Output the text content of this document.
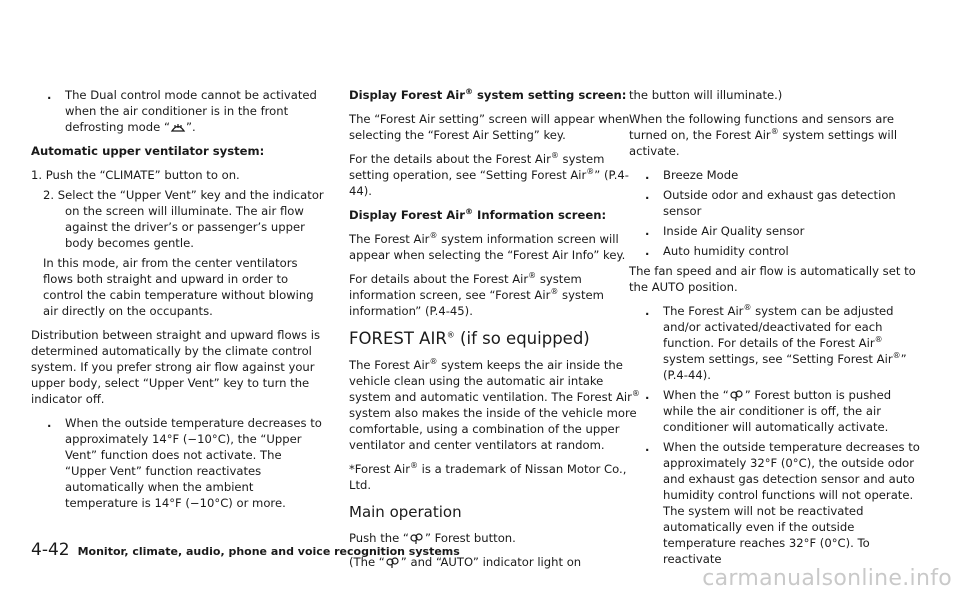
. The Dual control mode cannot be activated when the air conditioner is in the front defrosting mode “ ”.

Automatic upper ventilator system:

1. Push the “CLIMATE” button to on.

2. Select the “Upper Vent” key and the indicator on the screen will illuminate. The air flow against the driver’s or passenger’s upper body becomes gentle.

In this mode, air from the center ventilators flows both straight and upward in order to control the cabin temperature without blowing air directly on the occupants.

Distribution between straight and upward flows is determined automatically by the climate control system. If you prefer strong air flow against your upper body, select “Upper Vent” key to turn the indicator off.

. When the outside temperature decreases to approximately 14°F (−10°C), the “Upper Vent” function does not activate. The “Upper Vent” function reactivates automatically when the ambient temperature is 14°F (−10°C) or more.

Display Forest Air® system setting screen:

The “Forest Air setting” screen will appear when selecting the “Forest Air Setting” key.

For the details about the Forest Air® system setting operation, see “Setting Forest Air®” (P.4-44).

Display Forest Air® Information screen:

The Forest Air® system information screen will appear when selecting the “Forest Air Info” key.

For details about the Forest Air® system information screen, see “Forest Air® system information” (P.4-45).

FOREST AIR® (if so equipped)

The Forest Air® system keeps the air inside the vehicle clean using the automatic air intake system and automatic ventilation. The Forest Air® system also makes the inside of the vehicle more comfortable, using a combination of the upper ventilator and center ventilators at random.

*Forest Air® is a trademark of Nissan Motor Co., Ltd.

Main operation

Push the “ ” Forest button.

(The “ ” and “AUTO” indicator light on

the button will illuminate.)

When the following functions and sensors are turned on, the Forest Air® system settings will activate.

. Breeze Mode

. Outside odor and exhaust gas detection sensor

. Inside Air Quality sensor

. Auto humidity control

The fan speed and air flow is automatically set to the AUTO position.

. The Forest Air® system can be adjusted and/or activated/deactivated for each function. For details of the Forest Air® system settings, see “Setting Forest Air®” (P.4-44).

. When the “ ” Forest button is pushed while the air conditioner is off, the air conditioner will automatically activate.

. When the outside temperature decreases to approximately 32°F (0°C), the outside odor and exhaust gas detection sensor and auto humidity control functions will not operate. The system will not be reactivated automatically even if the outside temperature reaches 32°F (0°C). To reactivate

4-42 Monitor, climate, audio, phone and voice recognition systems
carmanualsonline.info
